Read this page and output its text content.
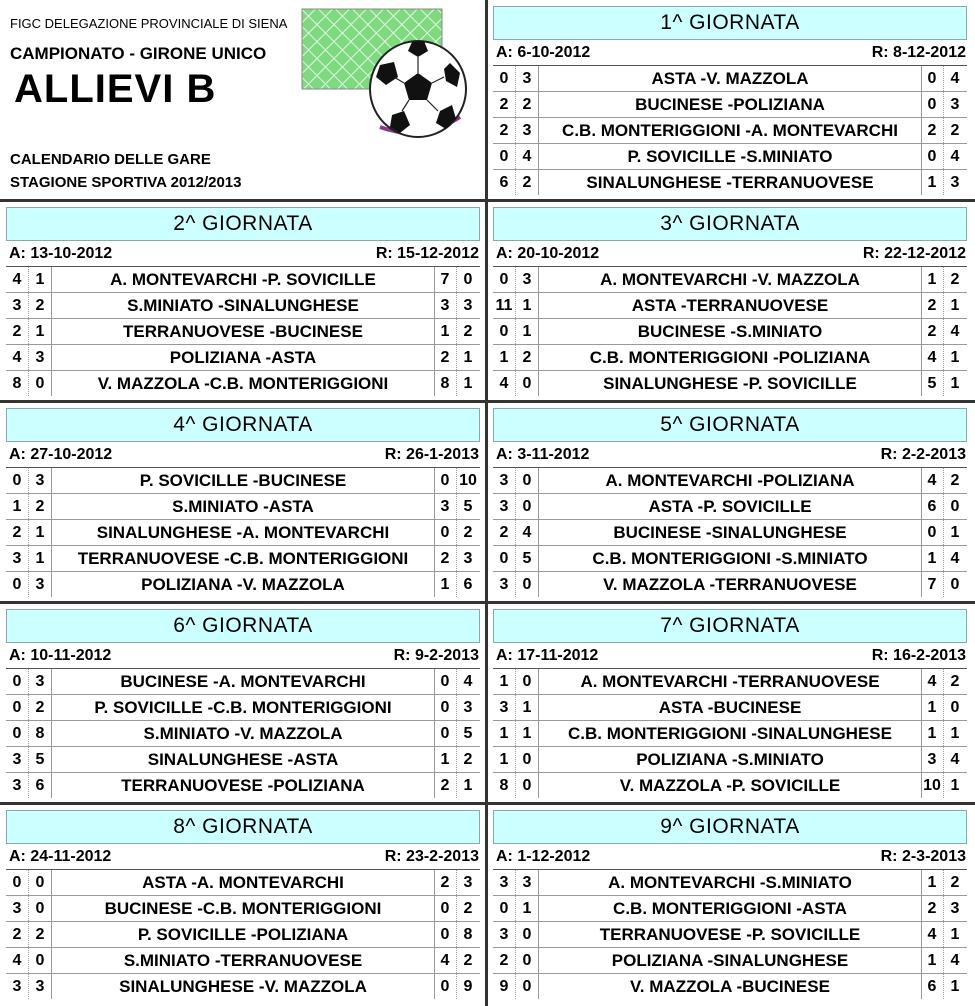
FIGC DELEGAZIONE PROVINCIALE DI SIENA
CAMPIONATO - GIRONE UNICO
ALLIEVI B
CALENDARIO DELLE GARE
STAGIONE SPORTIVA 2012/2013
1^ GIORNATA
A: 6-10-2012	R: 8-12-2012
0 3	ASTA -V. MAZZOLA	0 4
2 2	BUCINESE -POLIZIANA	0 3
2 3	C.B. MONTERIGGIONI -A. MONTEVARCHI	2 2
0 4	P. SOVICILLE -S.MINIATO	0 4
6 2	SINALUNGHESE -TERRANUOVESE	1 3
2^ GIORNATA
A: 13-10-2012	R: 15-12-2012
4 1	A. MONTEVARCHI -P. SOVICILLE	7 0
3 2	S.MINIATO -SINALUNGHESE	3 3
2 1	TERRANUOVESE -BUCINESE	1 2
4 3	POLIZIANA -ASTA	2 1
8 0	V. MAZZOLA -C.B. MONTERIGGIONI	8 1
3^ GIORNATA
A: 20-10-2012	R: 22-12-2012
0 3	A. MONTEVARCHI -V. MAZZOLA	1 2
11 1	ASTA -TERRANUOVESE	2 1
0 1	BUCINESE -S.MINIATO	2 4
1 2	C.B. MONTERIGGIONI -POLIZIANA	4 1
4 0	SINALUNGHESE -P. SOVICILLE	5 1
4^ GIORNATA
A: 27-10-2012	R: 26-1-2013
0 3	P. SOVICILLE -BUCINESE	0 10
1 2	S.MINIATO -ASTA	3 5
2 1	SINALUNGHESE -A. MONTEVARCHI	0 2
3 1	TERRANUOVESE -C.B. MONTERIGGIONI	2 3
0 3	POLIZIANA -V. MAZZOLA	1 6
5^ GIORNATA
A: 3-11-2012	R: 2-2-2013
3 0	A. MONTEVARCHI -POLIZIANA	4 2
3 0	ASTA -P. SOVICILLE	6 0
2 4	BUCINESE -SINALUNGHESE	0 1
0 5	C.B. MONTERIGGIONI -S.MINIATO	1 4
3 0	V. MAZZOLA -TERRANUOVESE	7 0
6^ GIORNATA
A: 10-11-2012	R: 9-2-2013
0 3	BUCINESE -A. MONTEVARCHI	0 4
0 2	P. SOVICILLE -C.B. MONTERIGGIONI	0 3
0 8	S.MINIATO -V. MAZZOLA	0 5
3 5	SINALUNGHESE -ASTA	1 2
3 6	TERRANUOVESE -POLIZIANA	2 1
7^ GIORNATA
A: 17-11-2012	R: 16-2-2013
1 0	A. MONTEVARCHI -TERRANUOVESE	4 2
3 1	ASTA -BUCINESE	1 0
1 1	C.B. MONTERIGGIONI -SINALUNGHESE	1 1
1 0	POLIZIANA -S.MINIATO	3 4
8 0	V. MAZZOLA -P. SOVICILLE	10 1
8^ GIORNATA
A: 24-11-2012	R: 23-2-2013
0 0	ASTA -A. MONTEVARCHI	2 3
3 0	BUCINESE -C.B. MONTERIGGIONI	0 2
2 2	P. SOVICILLE -POLIZIANA	0 8
4 0	S.MINIATO -TERRANUOVESE	4 2
3 3	SINALUNGHESE -V. MAZZOLA	0 9
9^ GIORNATA
A: 1-12-2012	R: 2-3-2013
3 3	A. MONTEVARCHI -S.MINIATO	1 2
0 1	C.B. MONTERIGGIONI -ASTA	2 3
3 0	TERRANUOVESE -P. SOVICILLE	4 1
2 0	POLIZIANA -SINALUNGHESE	1 4
9 0	V. MAZZOLA -BUCINESE	6 1
